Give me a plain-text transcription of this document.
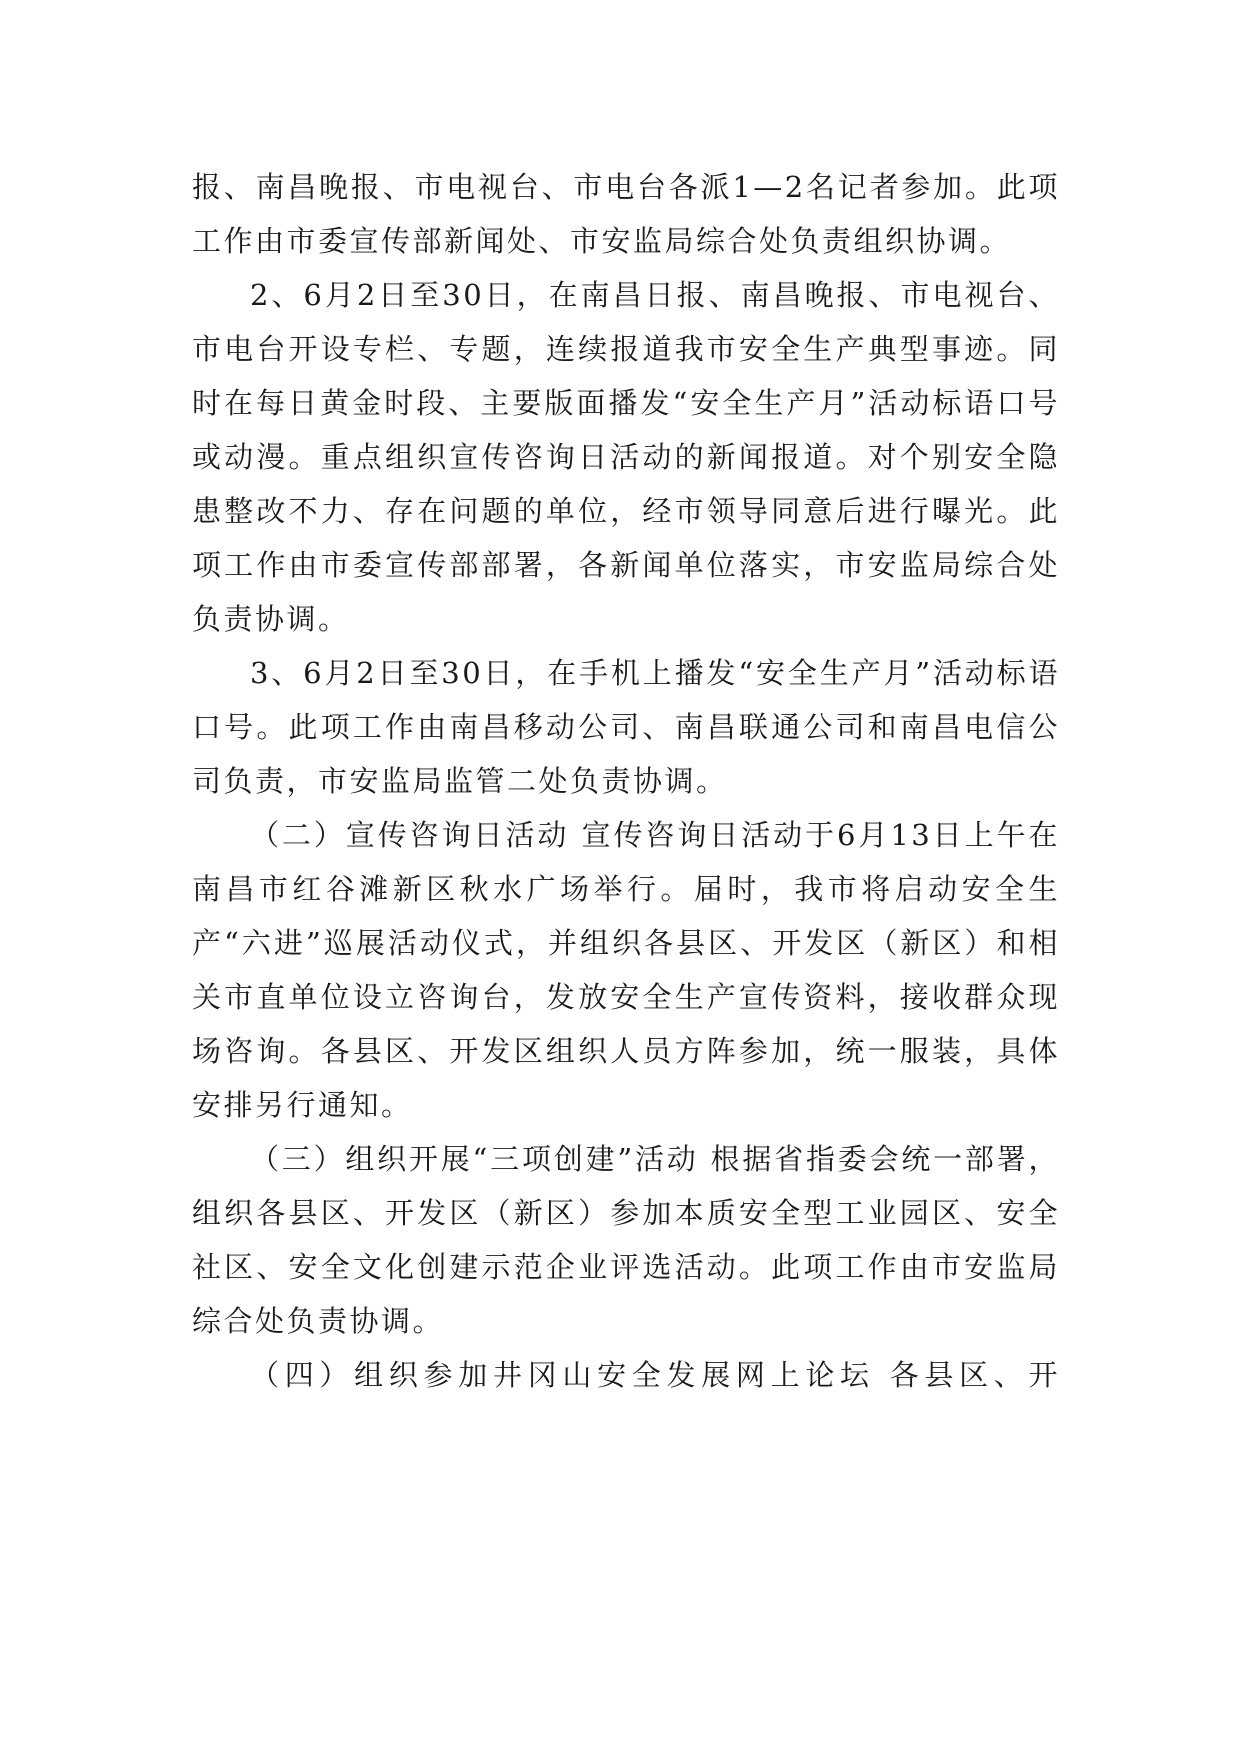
报、南昌晚报、市电视台、市电台各派1—2名记者参加。此项工作由市委宣传部新闻处、市安监局综合处负责组织协调。

2、6月2日至30日，在南昌日报、南昌晚报、市电视台、市电台开设专栏、专题，连续报道我市安全生产典型事迹。同时在每日黄金时段、主要版面播发“安全生产月”活动标语口号或动漫。重点组织宣传咨询日活动的新闻报道。对个别安全隐患整改不力、存在问题的单位，经市领导同意后进行曝光。此项工作由市委宣传部部署，各新闻单位落实，市安监局综合处负责协调。

3、6月2日至30日，在手机上播发“安全生产月”活动标语口号。此项工作由南昌移动公司、南昌联通公司和南昌电信公司负责，市安监局监管二处负责协调。

（二）宣传咨询日活动 宣传咨询日活动于6月13日上午在南昌市红谷滩新区秋水广场举行。届时，我市将启动安全生产“六进”巡展活动仪式，并组织各县区、开发区（新区）和相关市直单位设立咨询台，发放安全生产宣传资料，接收群众现场咨询。各县区、开发区组织人员方阵参加，统一服装，具体安排另行通知。

（三）组织开展“三项创建”活动 根据省指委会统一部署，组织各县区、开发区（新区）参加本质安全型工业园区、安全社区、安全文化创建示范企业评选活动。此项工作由市安监局综合处负责协调。

（四）组织参加井冈山安全发展网上论坛 各县区、开
